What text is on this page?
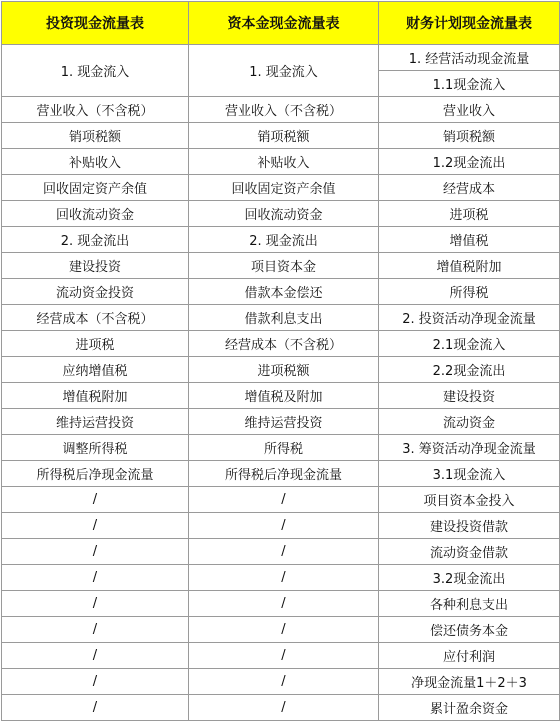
投资现金流量表	资本金现金流量表	财务计划现金流量表
1. 现金流入	1. 现金流入	1. 经营活动现金流量
		1.1现金流入
营业收入（不含税）	营业收入（不含税）	营业收入
销项税额	销项税额	销项税额
补贴收入	补贴收入	1.2现金流出
回收固定资产余值	回收固定资产余值	经营成本
回收流动资金	回收流动资金	进项税
2. 现金流出	2. 现金流出	增值税
建设投资	项目资本金	增值税附加
流动资金投资	借款本金偿还	所得税
经营成本（不含税）	借款利息支出	2. 投资活动净现金流量
进项税	经营成本（不含税）	2.1现金流入
应纳增值税	进项税额	2.2现金流出
增值税附加	增值税及附加	建设投资
维持运营投资	维持运营投资	流动资金
调整所得税	所得税	3. 筹资活动净现金流量
所得税后净现金流量	所得税后净现金流量	3.1现金流入
/	/	项目资本金投入
/	/	建设投资借款
/	/	流动资金借款
/	/	3.2现金流出
/	/	各种利息支出
/	/	偿还债务本金
/	/	应付利润
/	/	净现金流量1＋2＋3
/	/	累计盈余资金
